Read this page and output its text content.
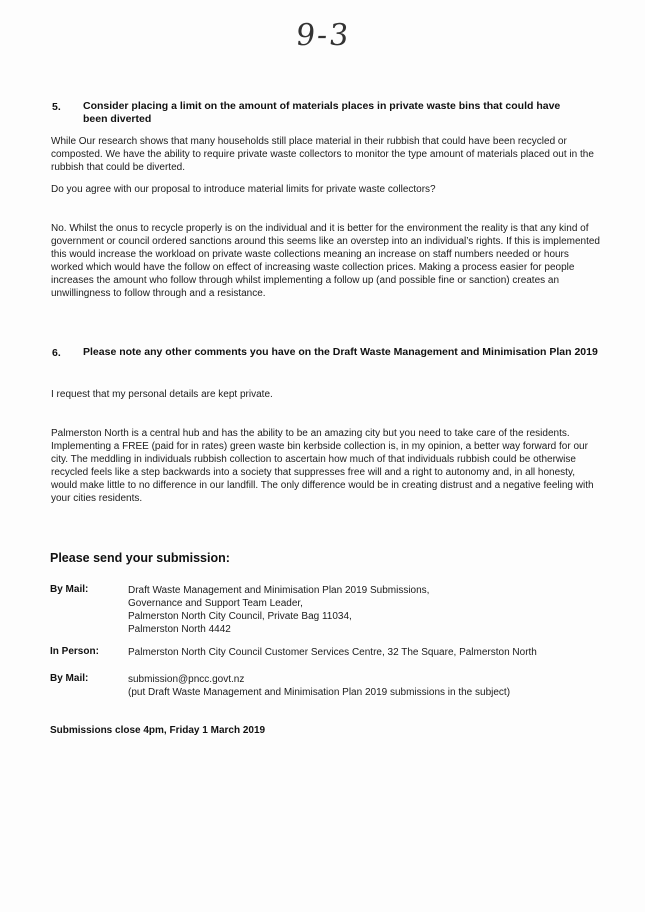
9-3
5. Consider placing a limit on the amount of materials places in private waste bins that could have been diverted
While Our research shows that many households still place material in their rubbish that could have been recycled or composted. We have the ability to require private waste collectors to monitor the type amount of materials placed out in the rubbish that could be diverted.
Do you agree with our proposal to introduce material limits for private waste collectors?
No. Whilst the onus to recycle properly is on the individual and it is better for the environment the reality is that any kind of government or council ordered sanctions around this seems like an overstep into an individual’s rights. If this is implemented this would increase the workload on private waste collections meaning an increase on staff numbers needed or hours worked which would have the follow on effect of increasing waste collection prices. Making a process easier for people increases the amount who follow through whilst implementing a follow up (and possible fine or sanction) creates an unwillingness to follow through and a resistance.
6. Please note any other comments you have on the Draft Waste Management and Minimisation Plan 2019
I request that my personal details are kept private.
Palmerston North is a central hub and has the ability to be an amazing city but you need to take care of the residents. Implementing a FREE (paid for in rates) green waste bin kerbside collection is, in my opinion, a better way forward for our city. The meddling in individuals rubbish collection to ascertain how much of that individuals rubbish could be otherwise recycled feels like a step backwards into a society that suppresses free will and a right to autonomy and, in all honesty, would make little to no difference in our landfill. The only difference would be in creating distrust and a negative feeling with your cities residents.
Please send your submission:
By Mail:	Draft Waste Management and Minimisation Plan 2019 Submissions,
Governance and Support Team Leader,
Palmerston North City Council, Private Bag 11034,
Palmerston North 4442
In Person:	Palmerston North City Council Customer Services Centre, 32 The Square, Palmerston North
By Mail:	submission@pncc.govt.nz
(put Draft Waste Management and Minimisation Plan 2019 submissions in the subject)
Submissions close 4pm, Friday 1 March 2019
